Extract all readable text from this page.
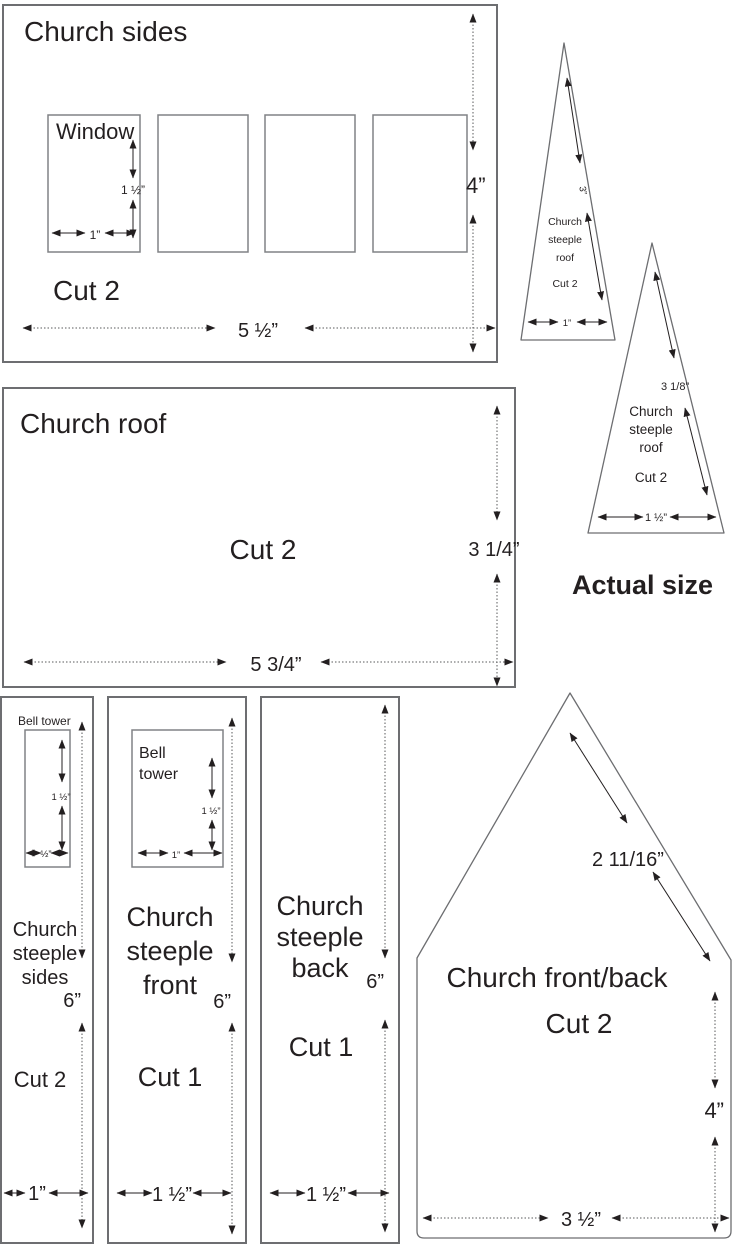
Church sides
Cut 2
Window
1 ½”
1”
4”
5 ½”
Church roof
Cut 2	3 1/4”
5 3/4”
Church
steeple
roof
Cut 2
3”
1”
Church
steeple
roof
Cut 2
3 1/8”
1 ½”
Actual size
Bell tower
1 ½”
½”
Church
steeple
sides
6”
Cut 2
1”
Bell
tower
1 ½”
1”
Church
steeple
front
6”
Cut 1
1 ½”
Church
steeple
back 6”
Cut 1
1 ½”
Church front/back
Cut 2
2 11/16”
4”
3 ½”
